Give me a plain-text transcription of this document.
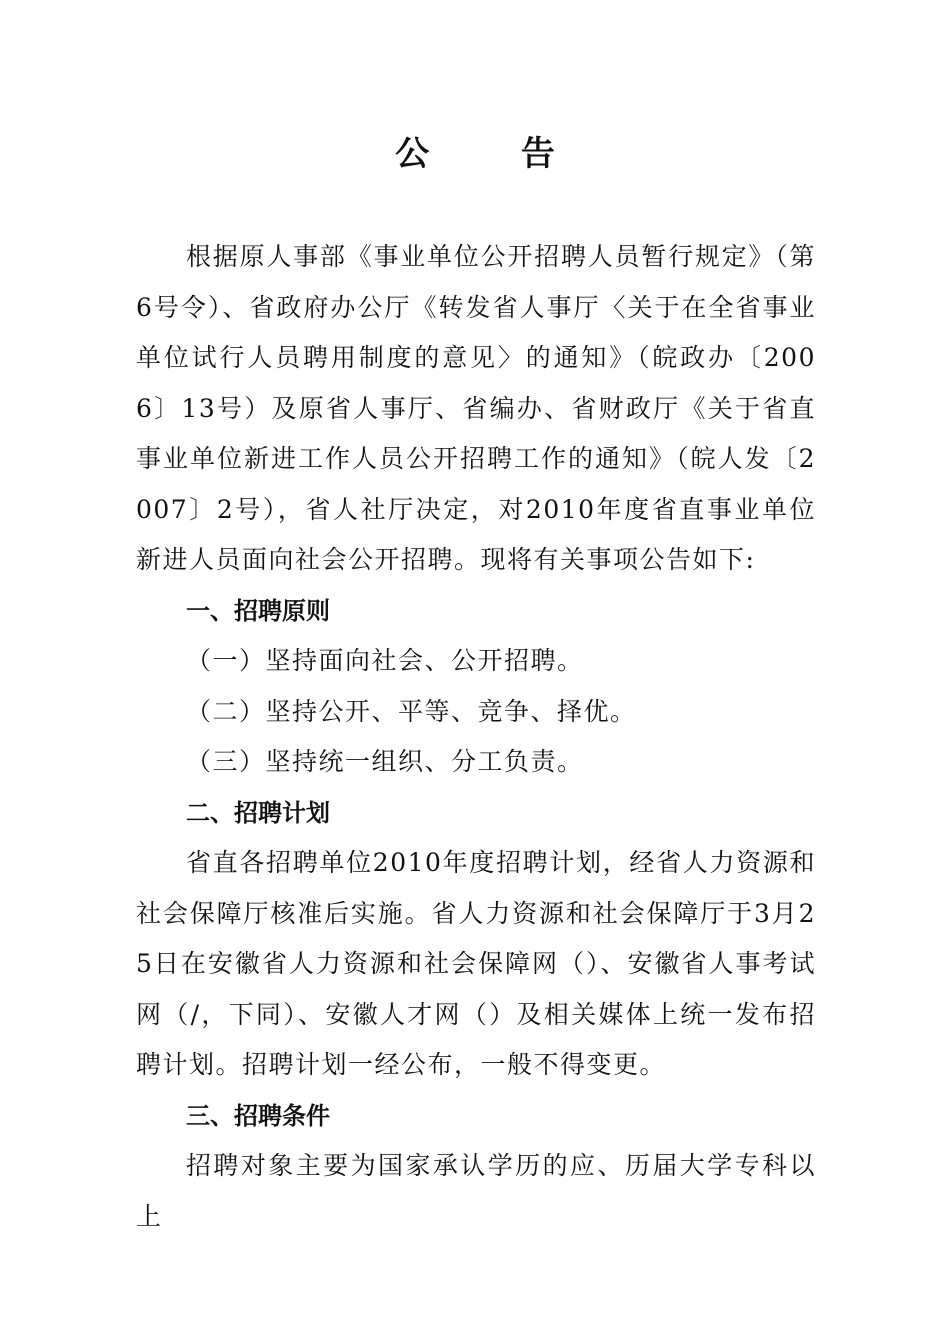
公 告

根据原人事部《事业单位公开招聘人员暂行规定》（第6号令）、省政府办公厅《转发省人事厅〈关于在全省事业单位试行人员聘用制度的意见〉的通知》（皖政办〔2006〕13号）及原省人事厅、省编办、省财政厅《关于省直事业单位新进工作人员公开招聘工作的通知》（皖人发〔2007〕2号），省人社厅决定，对2010年度省直事业单位新进人员面向社会公开招聘。现将有关事项公告如下:

一、招聘原则

（一）坚持面向社会、公开招聘。

（二）坚持公开、平等、竞争、择优。

（三）坚持统一组织、分工负责。

二、招聘计划

省直各招聘单位2010年度招聘计划，经省人力资源和社会保障厅核准后实施。省人力资源和社会保障厅于3月25日在安徽省人力资源和社会保障网（）、安徽省人事考试网（/，下同）、安徽人才网（）及相关媒体上统一发布招聘计划。招聘计划一经公布，一般不得变更。

三、招聘条件

招聘对象主要为国家承认学历的应、历届大学专科以上
